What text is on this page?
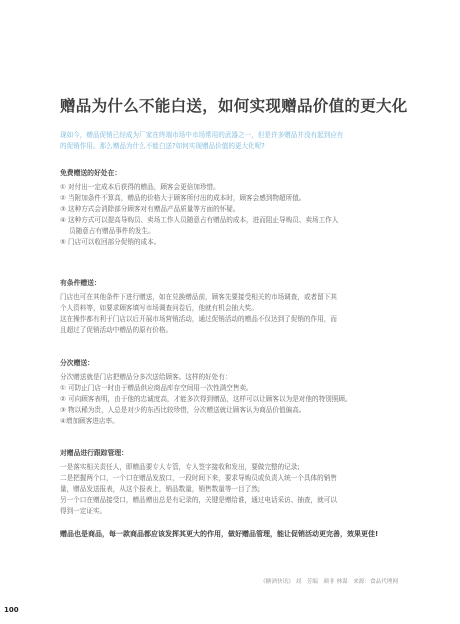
赠品为什么不能白送，如何实现赠品价值的更大化
现如今，赠品促销已经成为厂家在终端市场中市场常用的武器之一，但是许多赠品并没有起到应有
的促销作用。那么赠品为什么不能白送?如何实现赠品价值的更大化呢?
免费赠送的好处在：
① 对付出一定成本后获得的赠品，顾客会更倍加珍惜。
② 当附加条件不算高，赠品的价格大于顾客所付出的成本时，顾客会感到物超所值。
③ 这种方式会消除部分顾客对有赠品产品质量等方面的怀疑。
④ 这种方式可以提高导购员、卖场工作人员随意占有赠品的成本，进而阻止导购员、卖场工作人
员随意占有赠品事件的发生。
⑤ 门店可以收回部分促销的成本。
有条件赠送：
门店也可在其他条件下进行赠送，如在兑换赠品前，顾客先要接受相关的市场调查，或者留下其
个人资料等，如要求顾客填写市场调查问卷后，他就有机会抽大奖。
这在操作都有利于门店以后开展市场营销活动，通过促销活动的赠品不仅达到了促销的作用，而
且超过了促销活动中赠品的原有价格。
分次赠送：
分次赠送就是门店把赠品分多次送给顾客。这样的好处有：
① 可防止门店一时由于赠品供应商品库存空间用一次性满空售卖。
② 可向顾客表明，由于他的忠诚度高，才能多次得到赠品，这样可以让顾客以为是对他的特别照顾。
③ 物以稀为贵，人总是对少的东西比较珍惜，分次赠送就让顾客认为商品价值偏高。
④增加顾客进店率。
对赠品进行跟踪管理：
一是落实相关责任人，即赠品要专人专管，专人签字接收和发出，要做完整的记录;
二是把握两个口，一个口在赠品发放口，一段时间下来，要求导购员或负责人统一个具体的销售
量，赠品发送报表，从这个报表上，销品数量，销售数量等一目了然;
另一个口在赠品接受口，赠品赠出总是有记录的，关键是赠给谁，通过电话采访、抽查，就可以
得到一定证实。
赠品也是商品，每一款商品都应该发挥其更大的作用，做好赠品管理，能让促销活动更完善，效果更佳!
《糖酒快讯》 刘　芳编　颜非 林谋　来源：食品代理网
100
